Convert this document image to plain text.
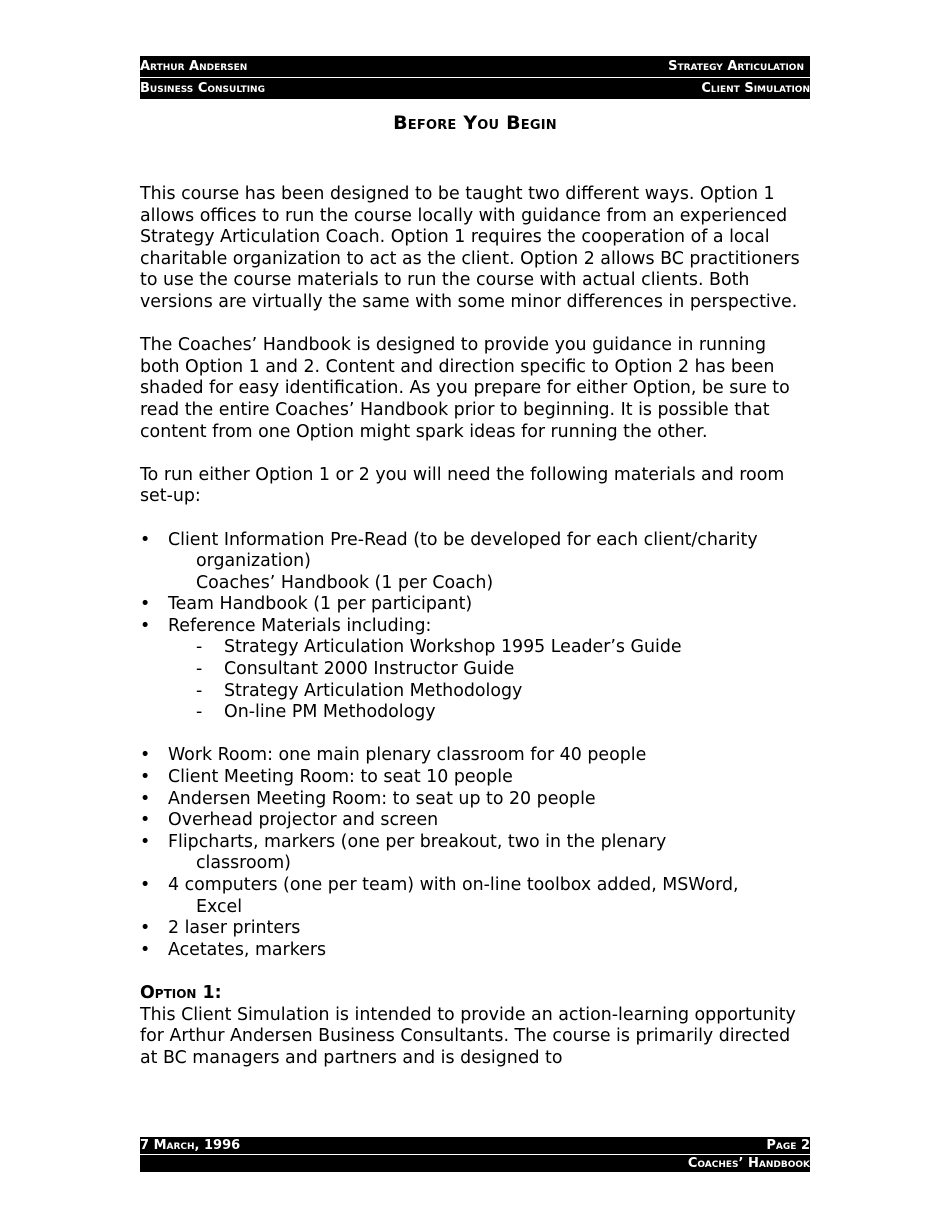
Arthur Andersen	Strategy Articulation
Business Consulting	Client Simulation
Before You Begin

This course has been designed to be taught two different ways. Option 1 allows offices to run the course locally with guidance from an experienced Strategy Articulation Coach. Option 1 requires the cooperation of a local charitable organization to act as the client. Option 2 allows BC practitioners to use the course materials to run the course with actual clients. Both versions are virtually the same with some minor differences in perspective.

The Coaches’ Handbook is designed to provide you guidance in running both Option 1 and 2. Content and direction specific to Option 2 has been shaded for easy identification. As you prepare for either Option, be sure to read the entire Coaches’ Handbook prior to beginning. It is possible that content from one Option might spark ideas for running the other.

To run either Option 1 or 2 you will need the following materials and room set-up:

• Client Information Pre-Read (to be developed for each client/charity
organization)
Coaches’ Handbook (1 per Coach)
• Team Handbook (1 per participant)
• Reference Materials including:
- Strategy Articulation Workshop 1995 Leader’s Guide
- Consultant 2000 Instructor Guide
- Strategy Articulation Methodology
- On-line PM Methodology
• Work Room: one main plenary classroom for 40 people
• Client Meeting Room: to seat 10 people
• Andersen Meeting Room: to seat up to 20 people
• Overhead projector and screen
• Flipcharts, markers (one per breakout, two in the plenary
classroom)
• 4 computers (one per team) with on-line toolbox added, MSWord,
Excel
• 2 laser printers
• Acetates, markers
Option 1:
This Client Simulation is intended to provide an action-learning opportunity for Arthur Andersen Business Consultants. The course is primarily directed at BC managers and partners and is designed to
7 March, 1996	Page 2
Coaches’ Handbook
